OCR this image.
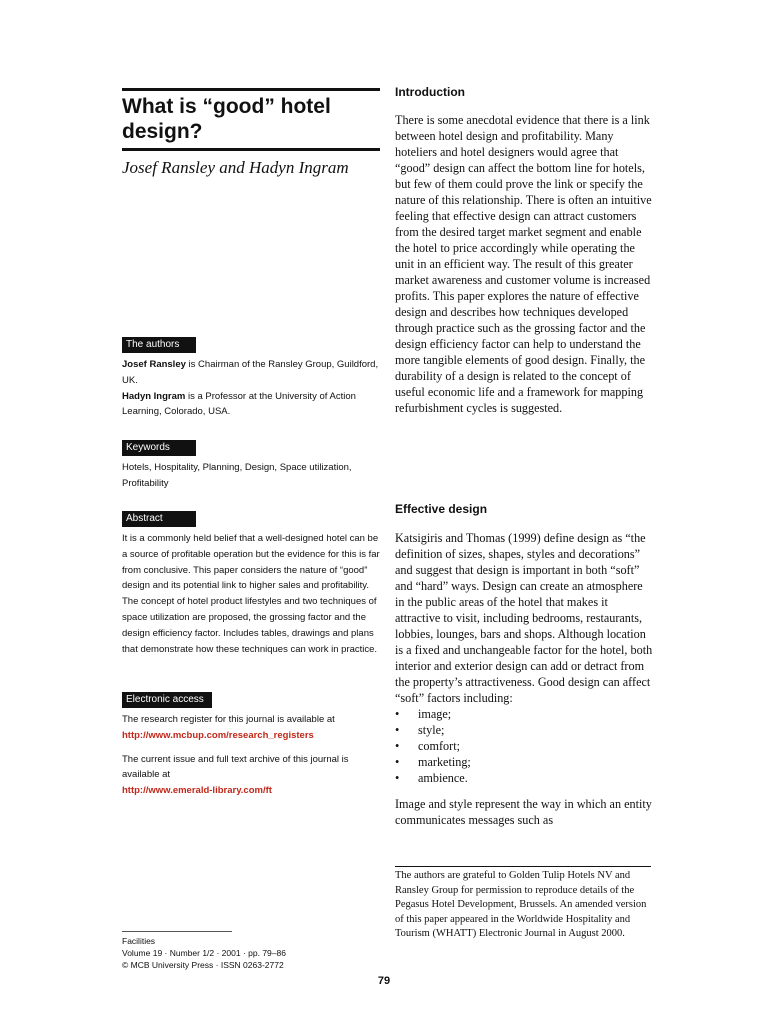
What is “good” hotel design?
Josef Ransley and Hadyn Ingram
The authors

Josef Ransley is Chairman of the Ransley Group, Guildford, UK.

Hadyn Ingram is a Professor at the University of Action Learning, Colorado, USA.

Keywords

Hotels, Hospitality, Planning, Design, Space utilization, Profitability

Abstract

It is a commonly held belief that a well-designed hotel can be a source of profitable operation but the evidence for this is far from conclusive. This paper considers the nature of “good” design and its potential link to higher sales and profitability. The concept of hotel product lifestyles and two techniques of space utilization are proposed, the grossing factor and the design efficiency factor. Includes tables, drawings and plans that demonstrate how these techniques can work in practice.

Electronic access

The research register for this journal is available at

http://www.mcbup.com/research_registers

The current issue and full text archive of this journal is available at

http://www.emerald-library.com/ft

Facilities
Volume 19 · Number 1/2 · 2001 · pp. 79–86
© MCB University Press · ISSN 0263-2772
Introduction

There is some anecdotal evidence that there is a link between hotel design and profitability. Many hoteliers and hotel designers would agree that “good” design can affect the bottom line for hotels, but few of them could prove the link or specify the nature of this relationship. There is often an intuitive feeling that effective design can attract customers from the desired target market segment and enable the hotel to price accordingly while operating the unit in an efficient way. The result of this greater market awareness and customer volume is increased profits. This paper explores the nature of effective design and describes how techniques developed through practice such as the grossing factor and the design efficiency factor can help to understand the more tangible elements of good design. Finally, the durability of a design is related to the concept of useful economic life and a framework for mapping refurbishment cycles is suggested.

Effective design

Katsigiris and Thomas (1999) define design as “the definition of sizes, shapes, styles and decorations” and suggest that design is important in both “soft” and “hard” ways. Design can create an atmosphere in the public areas of the hotel that makes it attractive to visit, including bedrooms, restaurants, lobbies, lounges, bars and shops. Although location is a fixed and unchangeable factor for the hotel, both interior and exterior design can add or detract from the property’s attractiveness. Good design can affect “soft” factors including:

• image;
• style;
• comfort;
• marketing;
• ambience.

Image and style represent the way in which an entity communicates messages such as

The authors are grateful to Golden Tulip Hotels NV and Ransley Group for permission to reproduce details of the Pegasus Hotel Development, Brussels. An amended version of this paper appeared in the Worldwide Hospitality and Tourism (WHATT) Electronic Journal in August 2000.
79
